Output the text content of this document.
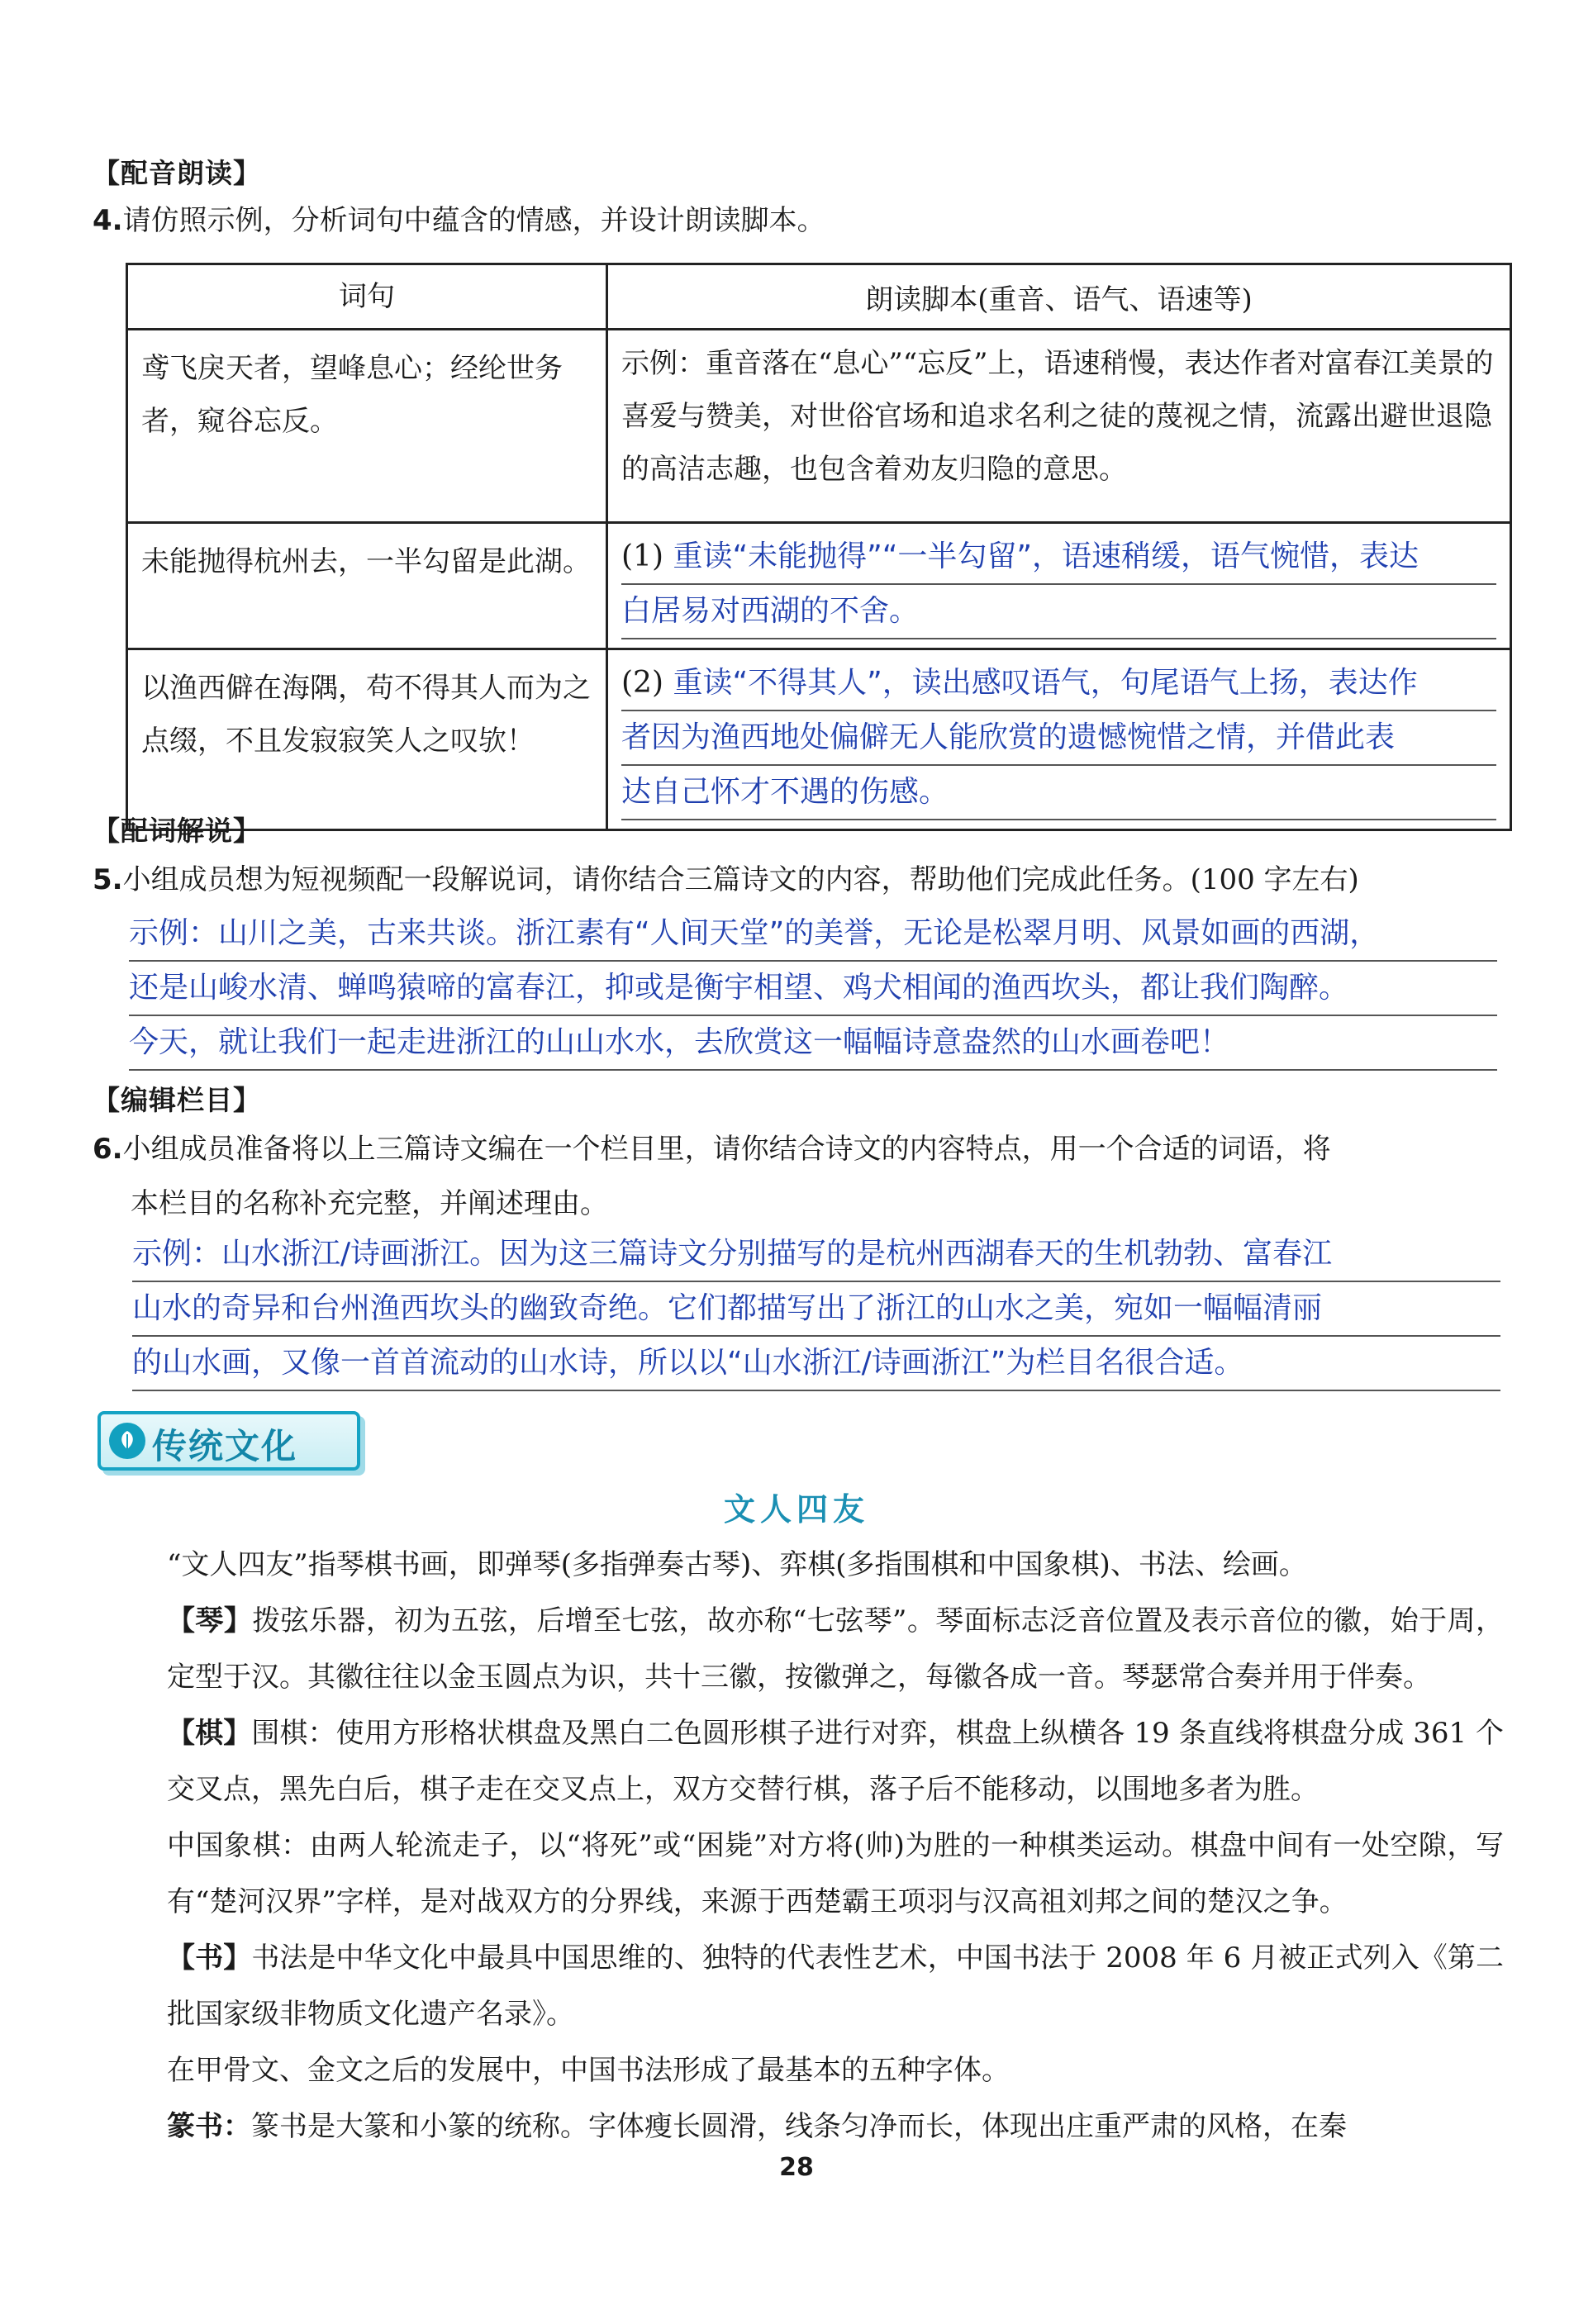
【配音朗读】
4.请仿照示例，分析词句中蕴含的情感，并设计朗读脚本。
词句	朗读脚本(重音、语气、语速等)
鸢飞戾天者，望峰息心；经纶世务者，窥谷忘反。	示例：重音落在“息心”“忘反”上，语速稍慢，表达作者对富春江美景的喜爱与赞美，对世俗官场和追求名利之徒的蔑视之情，流露出避世退隐的高洁志趣，也包含着劝友归隐的意思。
未能抛得杭州去，一半勾留是此湖。	(1) 重读“未能抛得”“一半勾留”，语速稍缓，语气惋惜，表达
白居易对西湖的不舍。

以渔西僻在海隅，苟不得其人而为之点缀，不且发寂寂笑人之叹欤！	(2) 重读“不得其人”，读出感叹语气，句尾语气上扬，表达作
者因为渔西地处偏僻无人能欣赏的遗憾惋惜之情，并借此表
达自己怀才不遇的伤感。
【配词解说】
5.小组成员想为短视频配一段解说词，请你结合三篇诗文的内容，帮助他们完成此任务。(100 字左右)
示例：山川之美，古来共谈。浙江素有“人间天堂”的美誉，无论是松翠月明、风景如画的西湖，
还是山峻水清、蝉鸣猿啼的富春江，抑或是衡宇相望、鸡犬相闻的渔西坎头，都让我们陶醉。
今天，就让我们一起走进浙江的山山水水，去欣赏这一幅幅诗意盎然的山水画卷吧！
【编辑栏目】
6.小组成员准备将以上三篇诗文编在一个栏目里，请你结合诗文的内容特点，用一个合适的词语，将
本栏目的名称补充完整，并阐述理由。
示例：山水浙江/诗画浙江。因为这三篇诗文分别描写的是杭州西湖春天的生机勃勃、富春江
山水的奇异和台州渔西坎头的幽致奇绝。它们都描写出了浙江的山水之美，宛如一幅幅清丽
的山水画，又像一首首流动的山水诗，所以以“山水浙江/诗画浙江”为栏目名很合适。
传统文化
文人四友
“文人四友”指琴棋书画，即弹琴(多指弹奏古琴)、弈棋(多指围棋和中国象棋)、书法、绘画。
【琴】拨弦乐器，初为五弦，后增至七弦，故亦称“七弦琴”。琴面标志泛音位置及表示音位的徽，始于周，定型于汉。其徽往往以金玉圆点为识，共十三徽，按徽弹之，每徽各成一音。琴瑟常合奏并用于伴奏。
【棋】围棋：使用方形格状棋盘及黑白二色圆形棋子进行对弈，棋盘上纵横各 19 条直线将棋盘分成 361 个交叉点，黑先白后，棋子走在交叉点上，双方交替行棋，落子后不能移动，以围地多者为胜。
中国象棋：由两人轮流走子，以“将死”或“困毙”对方将(帅)为胜的一种棋类运动。棋盘中间有一处空隙，写有“楚河汉界”字样，是对战双方的分界线，来源于西楚霸王项羽与汉高祖刘邦之间的楚汉之争。
【书】书法是中华文化中最具中国思维的、独特的代表性艺术，中国书法于 2008 年 6 月被正式列入《第二批国家级非物质文化遗产名录》。
在甲骨文、金文之后的发展中，中国书法形成了最基本的五种字体。
篆书：篆书是大篆和小篆的统称。字体瘦长圆滑，线条匀净而长，体现出庄重严肃的风格，在秦
28
